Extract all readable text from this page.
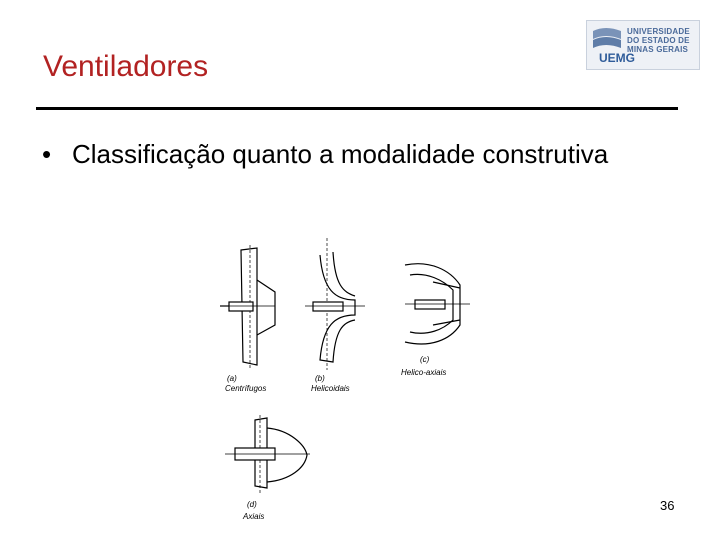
Ventiladores
UNIVERSIDADE
DO ESTADO DE
MINAS GERAIS
UEMG
• Classificação quanto a modalidade construtiva
(a)
Centrífugos
(b)
Helicoidais
(c)
Helico-axiais
(d)
Axiais
36
